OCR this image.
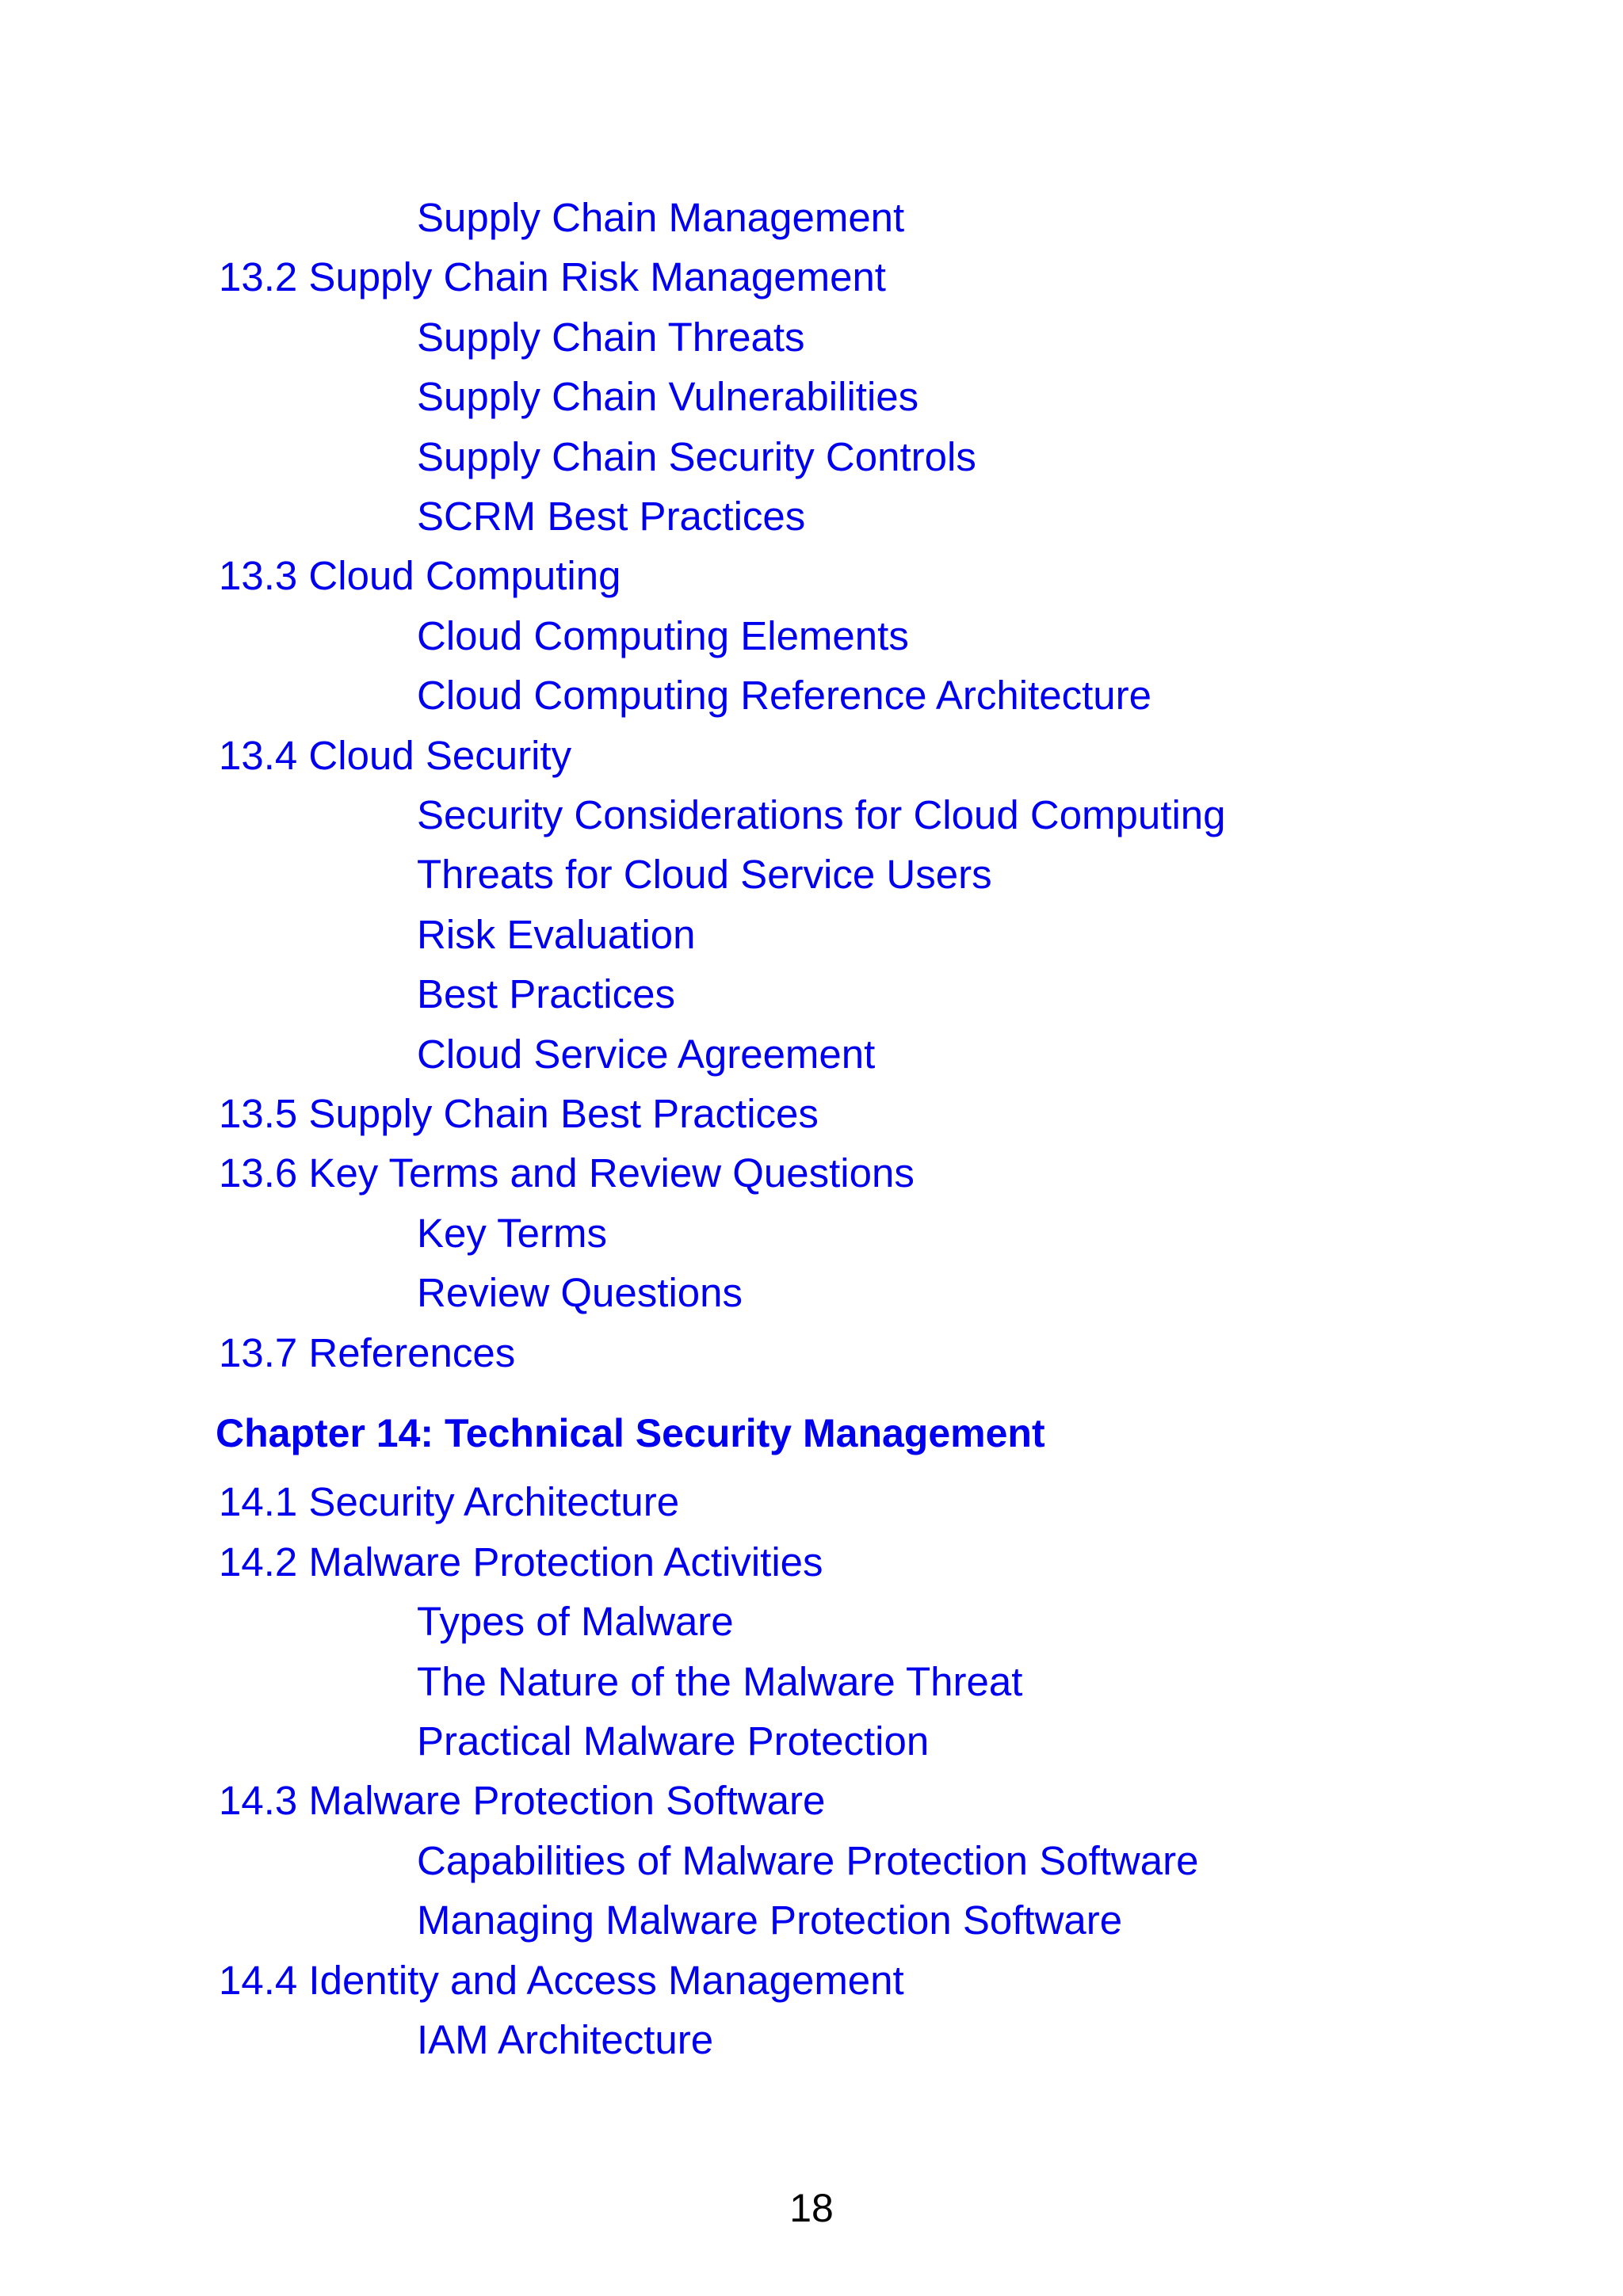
Supply Chain Management
13.2 Supply Chain Risk Management
Supply Chain Threats
Supply Chain Vulnerabilities
Supply Chain Security Controls
SCRM Best Practices
13.3 Cloud Computing
Cloud Computing Elements
Cloud Computing Reference Architecture
13.4 Cloud Security
Security Considerations for Cloud Computing
Threats for Cloud Service Users
Risk Evaluation
Best Practices
Cloud Service Agreement
13.5 Supply Chain Best Practices
13.6 Key Terms and Review Questions
Key Terms
Review Questions
13.7 References
Chapter 14: Technical Security Management
14.1 Security Architecture
14.2 Malware Protection Activities
Types of Malware
The Nature of the Malware Threat
Practical Malware Protection
14.3 Malware Protection Software
Capabilities of Malware Protection Software
Managing Malware Protection Software
14.4 Identity and Access Management
IAM Architecture
18
